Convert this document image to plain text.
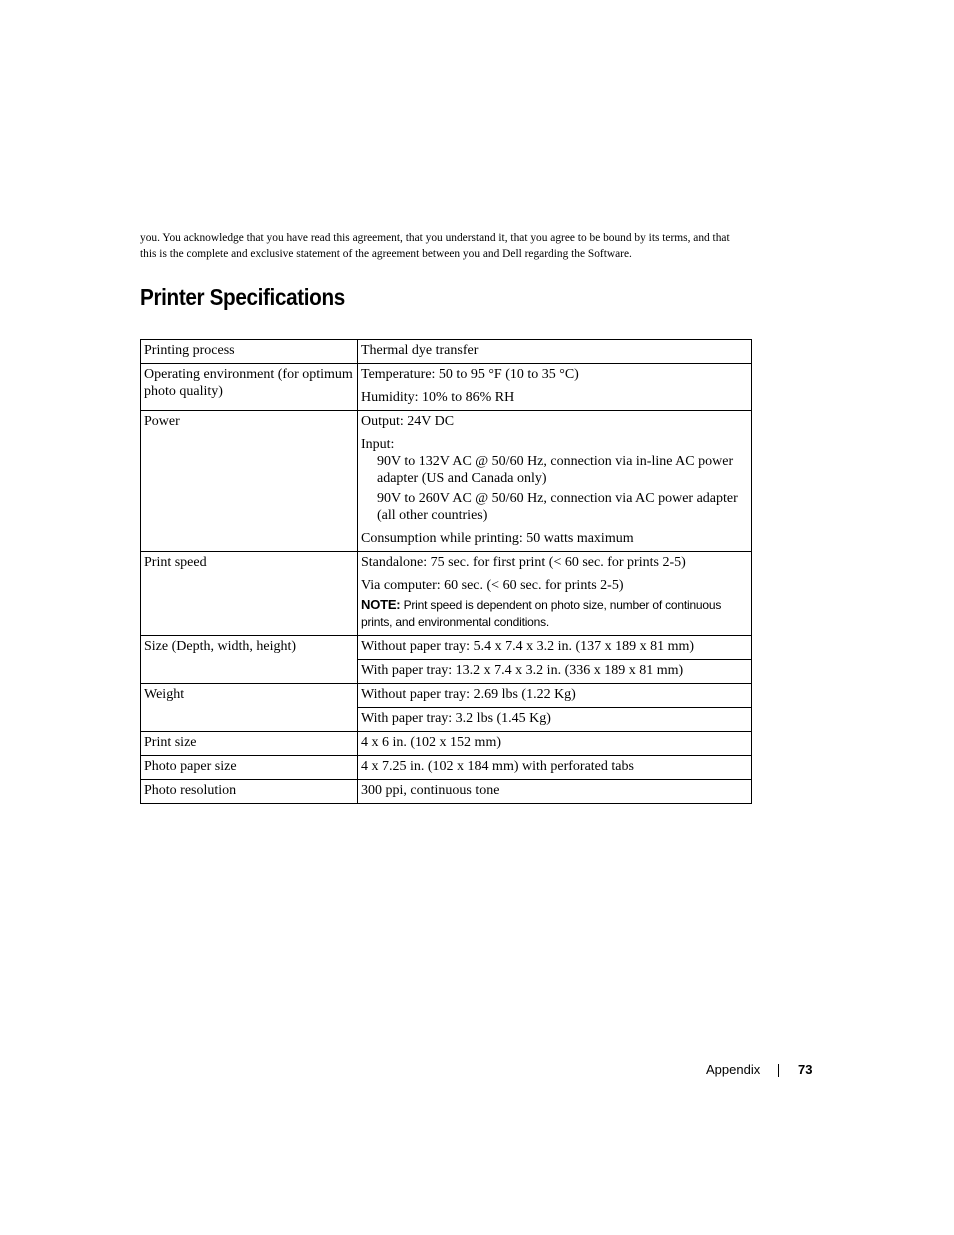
you. You acknowledge that you have read this agreement, that you understand it, that you agree to be bound by its terms, and that this is the complete and exclusive statement of the agreement between you and Dell regarding the Software.

Printer Specifications
Printing process	Thermal dye transfer
Operating environment (for optimum photo quality)	Temperature: 50 to 95 °F (10 to 35 °C)
Humidity: 10% to 86% RH

Power	Output: 24V DC
Input:
90V to 132V AC @ 50/60 Hz, connection via in-line AC power adapter (US and Canada only)
90V to 260V AC @ 50/60 Hz, connection via AC power adapter (all other countries)
Consumption while printing: 50 watts maximum

Print speed	Standalone: 75 sec. for first print (< 60 sec. for prints 2-5)
Via computer: 60 sec. (< 60 sec. for prints 2-5)
NOTE: Print speed is dependent on photo size, number of continuous prints, and environmental conditions.

Size (Depth, width, height)	Without paper tray: 5.4 x 7.4 x 3.2 in. (137 x 189 x 81 mm)
	With paper tray: 13.2 x 7.4 x 3.2 in. (336 x 189 x 81 mm)
Weight	Without paper tray: 2.69 lbs (1.22 Kg)
	With paper tray: 3.2 lbs (1.45 Kg)
Print size	4 x 6 in. (102 x 152 mm)
Photo paper size	4 x 7.25 in. (102 x 184 mm) with perforated tabs
Photo resolution	300 ppi, continuous tone
Appendix	73
